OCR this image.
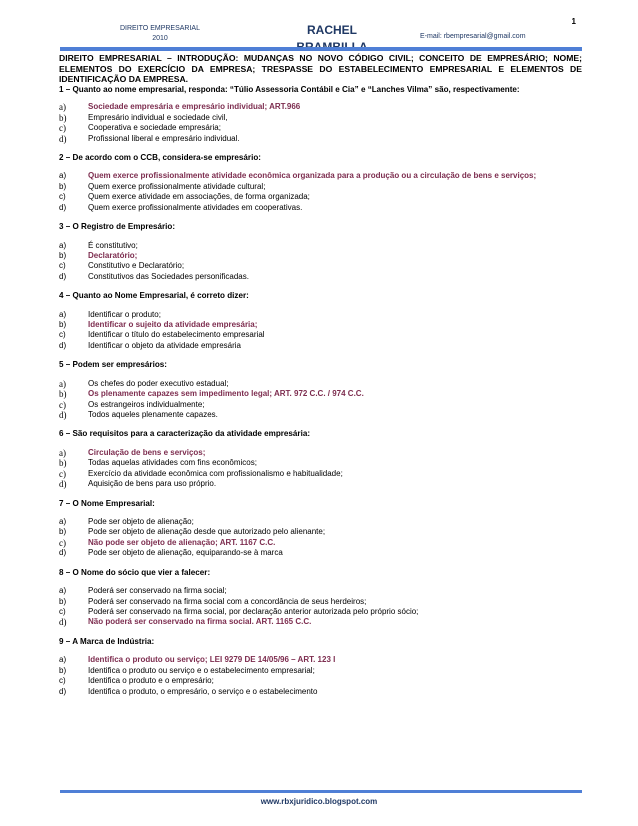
1
DIREITO EMPRESARIAL
2010
RACHEL	E-mail: rbempresarial@gmail.com
DIREITO EMPRESARIAL – INTRODUÇÃO: MUDANÇAS NO NOVO CÓDIGO CIVIL; CONCEITO DE EMPRESÁRIO; NOME; ELEMENTOS DO EXERCÍCIO DA EMPRESA; TRESPASSE DO ESTABELECIMENTO EMPRESARIAL E ELEMENTOS DE IDENTIFICAÇÃO DA EMPRESA.
1 – Quanto ao nome empresarial, responda: “Túlio Assessoria Contábil e Cia” e “Lanches Vilma” são, respectivamente:
a)	Sociedade empresária e empresário individual; ART.966
b)	Empresário individual e sociedade civil,
c)	Cooperativa e sociedade empresária;
d)	Profissional liberal e empresário individual.
2 – De acordo com o CCB, considera-se empresário:
a)	Quem exerce profissionalmente atividade econômica organizada para a produção ou a circulação de bens e serviços;
b)	Quem exerce profissionalmente atividade cultural;
c)	Quem exerce atividade em associações, de forma organizada;
d)	Quem exerce profissionalmente atividades em cooperativas.
3 – O Registro de Empresário:
a)	É constitutivo;
b)	Declaratório;
c)	Constitutivo e Declaratório;
d)	Constitutivos das Sociedades personificadas.
4 – Quanto ao Nome Empresarial, é correto dizer:
a)	Identificar o produto;
b)	Identificar o sujeito da atividade empresária;
c)	Identificar o título do estabelecimento empresarial
d)	Identificar o objeto da atividade empresária
5 – Podem ser empresários:
a)	Os chefes do poder executivo estadual;
b)	Os plenamente capazes sem impedimento legal; ART. 972 C.C. / 974 C.C.
c)	Os estrangeiros individualmente;
d)	Todos aqueles plenamente capazes.
6 – São requisitos para a caracterização da atividade empresária:
a)	Circulação de bens e serviços;
b)	Todas aquelas atividades com fins econômicos;
c)	Exercício da atividade econômica com profissionalismo e habitualidade;
d)	Aquisição de bens para uso próprio.
7 – O Nome Empresarial:
a)	Pode ser objeto de alienação;
b)	Pode ser objeto de alienação desde que autorizado pelo alienante;
c)	Não pode ser objeto de alienação; ART. 1167 C.C.
d)	Pode ser objeto de alienação, equiparando-se à marca
8 – O Nome do sócio que vier a falecer:
a)	Poderá ser conservado na firma social;
b)	Poderá ser conservado na firma social com a concordância de seus herdeiros;
c)	Poderá ser conservado na firma social, por declaração anterior autorizada pelo próprio sócio;
d)	Não poderá ser conservado na firma social. ART. 1165 C.C.
9 – A Marca de Indústria:
a)	Identifica o produto ou serviço; LEI 9279 DE 14/05/96 – ART. 123 I
b)	Identifica o produto ou serviço e o estabelecimento empresarial;
c)	Identifica o produto e o empresário;
d)	Identifica o produto, o empresário, o serviço e o estabelecimento
www.rbxjuridico.blogspot.com
